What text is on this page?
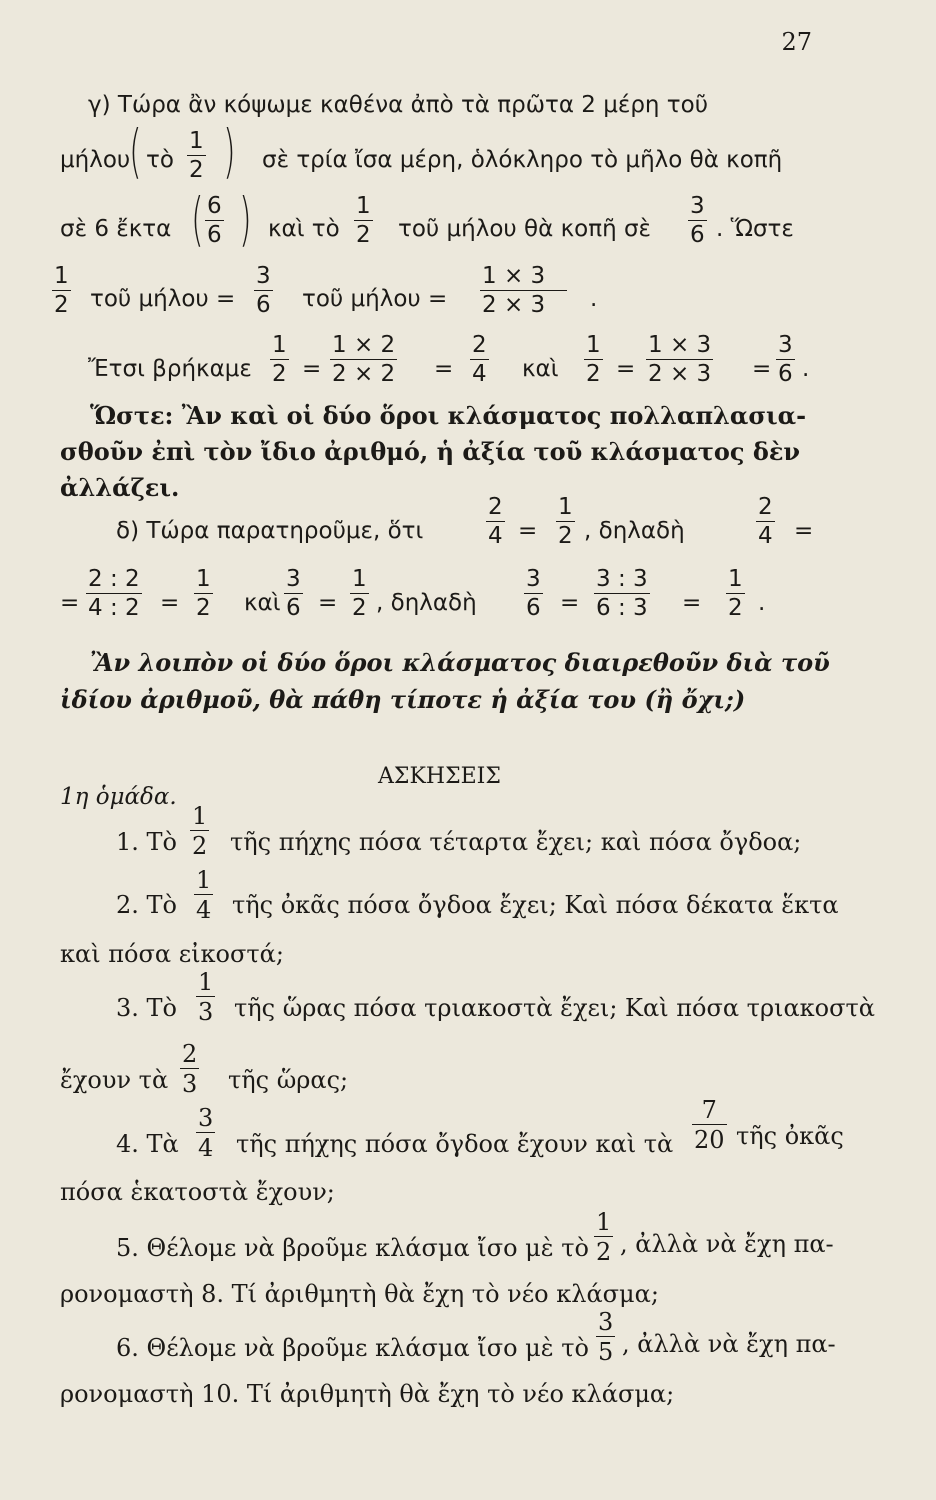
27
γ) Τώρα ἂν κόψωμε καθένα ἀπὸ τὰ πρῶτα 2 μέρη τοῦ
μήλου
( τὸ
1
2 ) σὲ τρία ἴσα μέρη, ὁλόκληρο τὸ μῆλο θὰ κοπῆ
σὲ 6 ἔκτα ( 6
6 ) καὶ τὸ
1
2 τοῦ μήλου θὰ κοπῆ σὲ
3
6 . Ὥστε
1
2 τοῦ μήλου =
3
6 τοῦ μήλου =
1 × 3
2 × 3 .
Ἔτσι βρήκαμε
1
2 =
1 × 2
2 × 2 =
2
4 καὶ
1
2 =
1 × 3
2 × 3 =
3
6 .
Ὥστε: Ἂν καὶ οἱ δύο ὅροι κλάσματος πολλαπλασια-
σθοῦν ἐπὶ τὸν ἴδιο ἀριθμό, ἡ ἀξία τοῦ κλάσματος δὲν
ἀλλάζει.
δ) Τώρα παρατηροῦμε, ὅτι
2
4 =
1
2 , δηλαδὴ
2
4 =
=
2 : 2
4 : 2 =
1
2 καὶ
3
6 =
1
2 , δηλαδὴ
3
6 =
3 : 3
6 : 3 =
1
2 .
Ἂν λοιπὸν οἱ δύο ὅροι κλάσματος διαιρεθοῦν διὰ τοῦ
ἰδίου ἀριθμοῦ, θὰ πάθη τίποτε ἡ ἀξία του (ἢ ὄχι;)
ΑΣΚΗΣΕΙΣ
1η ὁμάδα.
1. Τὸ
1
2 τῆς πήχης πόσα τέταρτα ἔχει; καὶ πόσα ὄγδοα;
2. Τὸ
1
4 τῆς ὀκᾶς πόσα ὄγδοα ἔχει; Καὶ πόσα δέκατα ἕκτα
καὶ πόσα εἰκοστά;
3. Τὸ
1
3 τῆς ὥρας πόσα τριακοστὰ ἔχει; Καὶ πόσα τριακοστὰ
ἔχουν τὰ
2
3 τῆς ὥρας;
4. Τὰ
3
4 τῆς πήχης πόσα ὄγδοα ἔχουν καὶ τὰ
7
20 τῆς ὀκᾶς
πόσα ἑκατοστὰ ἔχουν;
5. Θέλομε νὰ βροῦμε κλάσμα ἴσο μὲ τὸ
1
2 , ἀλλὰ νὰ ἔχη πα-
ρονομαστὴ 8. Τί ἀριθμητὴ θὰ ἔχη τὸ νέο κλάσμα;
6. Θέλομε νὰ βροῦμε κλάσμα ἴσο μὲ τὸ
3
5 , ἀλλὰ νὰ ἔχη πα-
ρονομαστὴ 10. Τί ἀριθμητὴ θὰ ἔχη τὸ νέο κλάσμα;
